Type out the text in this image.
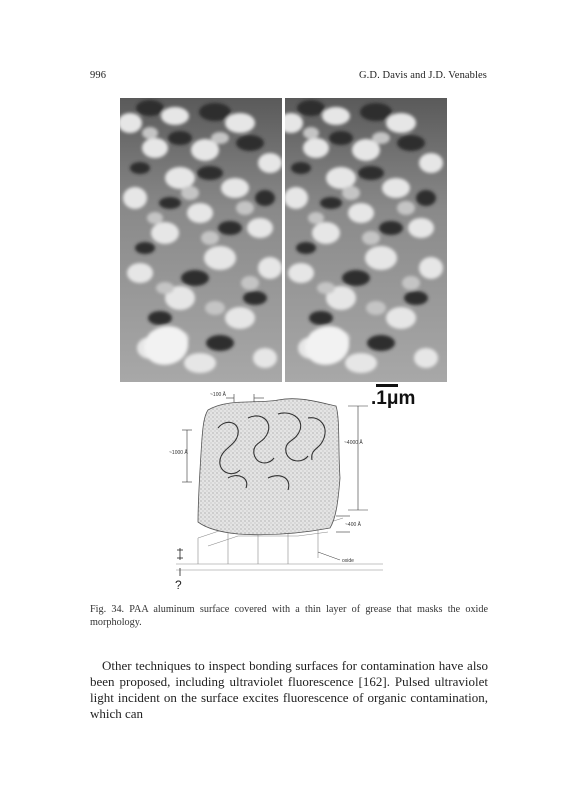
996	G.D. Davis and J.D. Venables
.1μm
~100 Å
~1000 Å
~4000 Å
~400 Å
oxide
?
Fig. 34. PAA aluminum surface covered with a thin layer of grease that masks the oxide morphology.

Other techniques to inspect bonding surfaces for contamination have also been proposed, including ultraviolet fluorescence [162]. Pulsed ultraviolet light incident on the surface excites fluorescence of organic contamination, which can
